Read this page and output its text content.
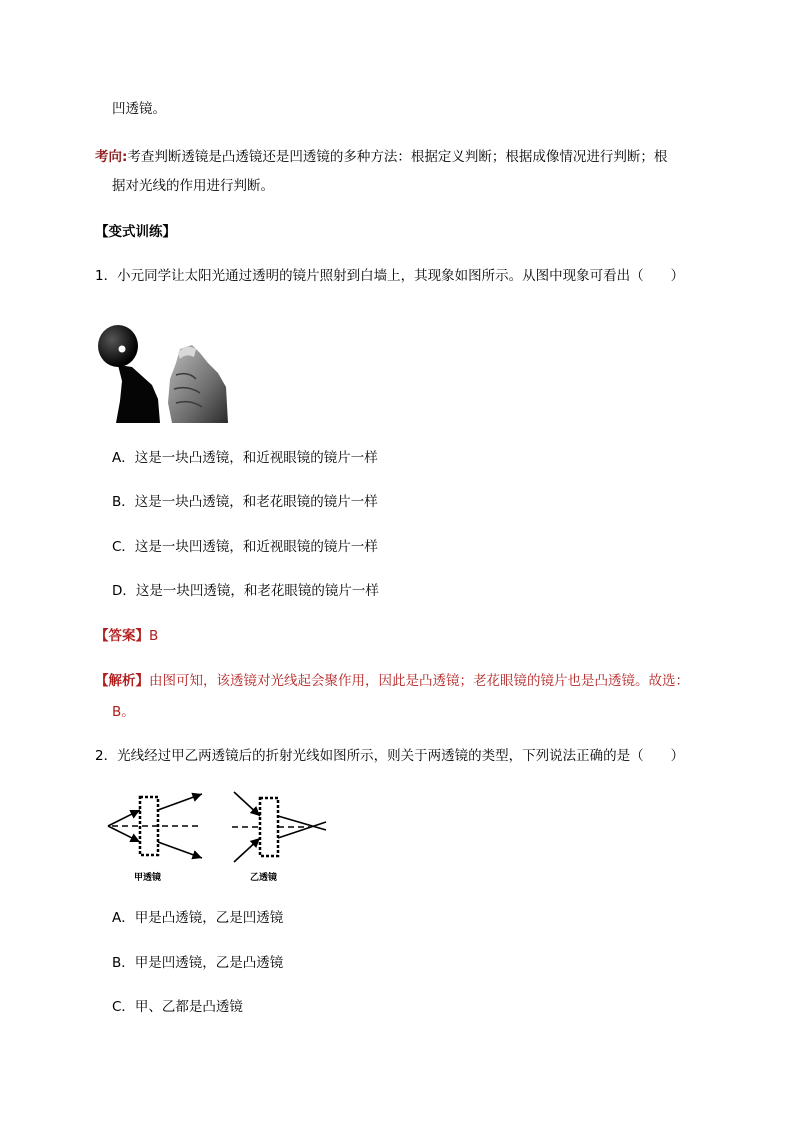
凹透镜。

考向:考查判断透镜是凸透镜还是凹透镜的多种方法：根据定义判断；根据成像情况进行判断；根

据对光线的作用进行判断。

【变式训练】

1．小元同学让太阳光通过透明的镜片照射到白墙上，其现象如图所示。从图中现象可看出（　　）

A．这是一块凸透镜，和近视眼镜的镜片一样

B．这是一块凸透镜，和老花眼镜的镜片一样

C．这是一块凹透镜，和近视眼镜的镜片一样

D．这是一块凹透镜，和老花眼镜的镜片一样

【答案】B

【解析】由图可知，该透镜对光线起会聚作用，因此是凸透镜；老花眼镜的镜片也是凸透镜。故选：

B。

2．光线经过甲乙两透镜后的折射光线如图所示，则关于两透镜的类型，下列说法正确的是（　　）

甲透镜	乙透镜

A．甲是凸透镜，乙是凹透镜

B．甲是凹透镜，乙是凸透镜

C．甲、乙都是凸透镜
